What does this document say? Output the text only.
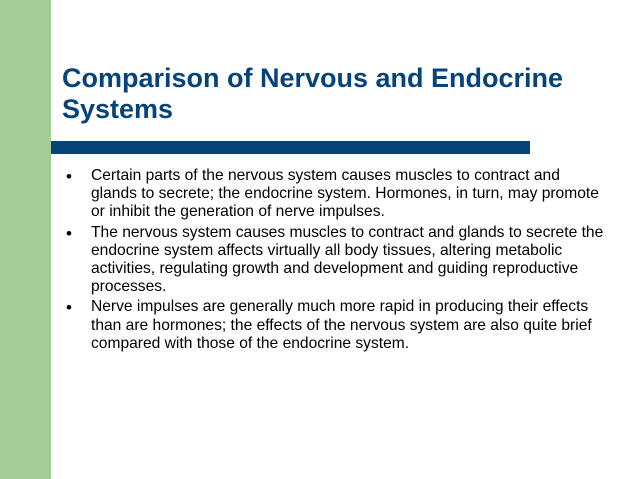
Comparison of Nervous and Endocrine Systems
• Certain parts of the nervous system causes muscles to contract and glands to secrete; the endocrine system. Hormones, in turn, may promote or inhibit the generation of nerve impulses.
• The nervous system causes muscles to contract and glands to secrete the endocrine system affects virtually all body tissues, altering metabolic activities, regulating growth and development and guiding reproductive processes.
• Nerve impulses are generally much more rapid in producing their effects than are hormones; the effects of the nervous system are also quite brief compared with those of the endocrine system.
